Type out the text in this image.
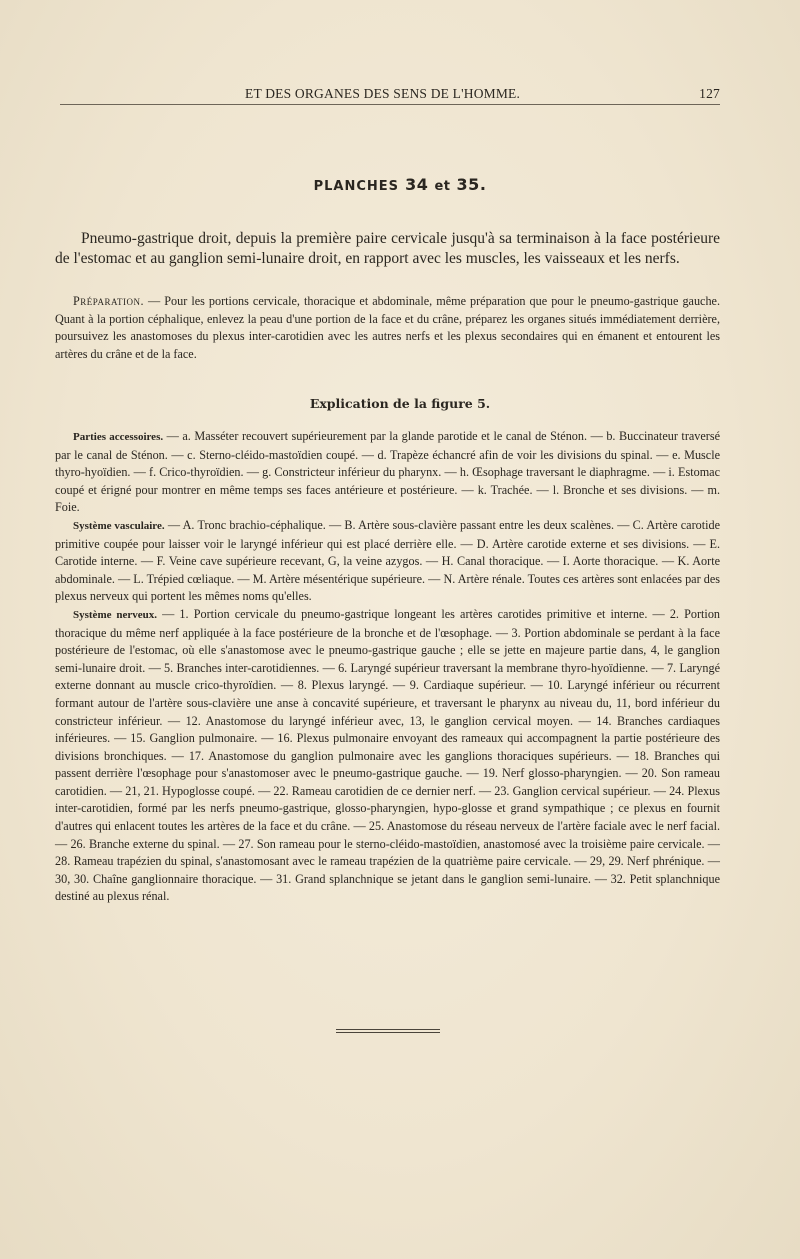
ET DES ORGANES DES SENS DE L'HOMME.	127
PLANCHES 34 et 35.
Pneumo-gastrique droit, depuis la première paire cervicale jusqu'à sa terminaison à la face postérieure de l'estomac et au ganglion semi-lunaire droit, en rapport avec les muscles, les vaisseaux et les nerfs.
Préparation. — Pour les portions cervicale, thoracique et abdominale, même préparation que pour le pneumo-gastrique gauche. Quant à la portion céphalique, enlevez la peau d'une portion de la face et du crâne, préparez les organes situés immédiatement derrière, poursuivez les anastomoses du plexus inter-carotidien avec les autres nerfs et les plexus secondaires qui en émanent et entourent les artères du crâne et de la face.
Explication de la figure 5.

Parties accessoires. — a. Masséter recouvert supérieurement par la glande parotide et le canal de Sténon. — b. Buccinateur traversé par le canal de Sténon. — c. Sterno-cléido-mastoïdien coupé. — d. Trapèze échancré afin de voir les divisions du spinal. — e. Muscle thyro-hyoïdien. — f. Crico-thyroïdien. — g. Constricteur inférieur du pharynx. — h. Œsophage traversant le diaphragme. — i. Estomac coupé et érigné pour montrer en même temps ses faces antérieure et postérieure. — k. Trachée. — l. Bronche et ses divisions. — m. Foie.

Système vasculaire. — A. Tronc brachio-céphalique. — B. Artère sous-clavière passant entre les deux scalènes. — C. Artère carotide primitive coupée pour laisser voir le laryngé inférieur qui est placé derrière elle. — D. Artère carotide externe et ses divisions. — E. Carotide interne. — F. Veine cave supérieure recevant, G, la veine azygos. — H. Canal thoracique. — I. Aorte thoracique. — K. Aorte abdominale. — L. Trépied cœliaque. — M. Artère mésentérique supérieure. — N. Artère rénale. Toutes ces artères sont enlacées par des plexus nerveux qui portent les mêmes noms qu'elles.

Système nerveux. — 1. Portion cervicale du pneumo-gastrique longeant les artères carotides primitive et interne. — 2. Portion thoracique du même nerf appliquée à la face postérieure de la bronche et de l'œsophage. — 3. Portion abdominale se perdant à la face postérieure de l'estomac, où elle s'anastomose avec le pneumo-gastrique gauche ; elle se jette en majeure partie dans, 4, le ganglion semi-lunaire droit. — 5. Branches inter-carotidiennes. — 6. Laryngé supérieur traversant la membrane thyro-hyoïdienne. — 7. Laryngé externe donnant au muscle crico-thyroïdien. — 8. Plexus laryngé. — 9. Cardiaque supérieur. — 10. Laryngé inférieur ou récurrent formant autour de l'artère sous-clavière une anse à concavité supérieure, et traversant le pharynx au niveau du, 11, bord inférieur du constricteur inférieur. — 12. Anastomose du laryngé inférieur avec, 13, le ganglion cervical moyen. — 14. Branches cardiaques inférieures. — 15. Ganglion pulmonaire. — 16. Plexus pulmonaire envoyant des rameaux qui accompagnent la partie postérieure des divisions bronchiques. — 17. Anastomose du ganglion pulmonaire avec les ganglions thoraciques supérieurs. — 18. Branches qui passent derrière l'œsophage pour s'anastomoser avec le pneumo-gastrique gauche. — 19. Nerf glosso-pharyngien. — 20. Son rameau carotidien. — 21, 21. Hypoglosse coupé. — 22. Rameau carotidien de ce dernier nerf. — 23. Ganglion cervical supérieur. — 24. Plexus inter-carotidien, formé par les nerfs pneumo-gastrique, glosso-pharyngien, hypo-glosse et grand sympathique ; ce plexus en fournit d'autres qui enlacent toutes les artères de la face et du crâne. — 25. Anastomose du réseau nerveux de l'artère faciale avec le nerf facial. — 26. Branche externe du spinal. — 27. Son rameau pour le sterno-cléido-mastoïdien, anastomosé avec la troisième paire cervicale. — 28. Rameau trapézien du spinal, s'anastomosant avec le rameau trapézien de la quatrième paire cervicale. — 29, 29. Nerf phrénique. — 30, 30. Chaîne ganglionnaire thoracique. — 31. Grand splanchnique se jetant dans le ganglion semi-lunaire. — 32. Petit splanchnique destiné au plexus rénal.
